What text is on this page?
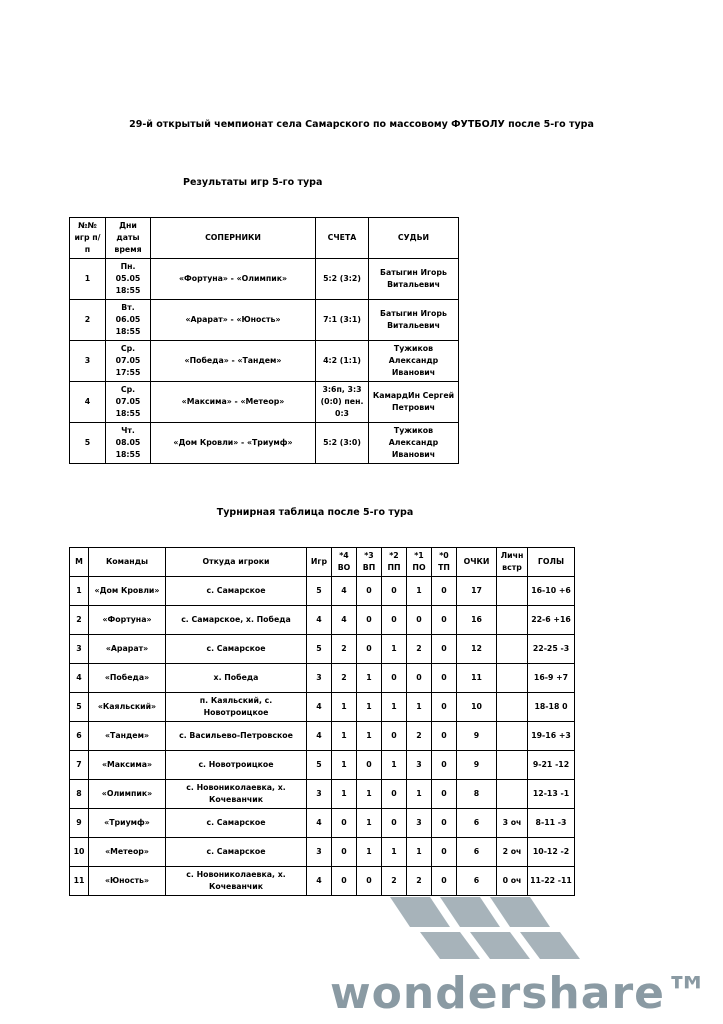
29-й открытый чемпионат села Самарского по массовому ФУТБОЛУ после 5-го тура
Результаты игр 5-го тура
№№ игр п/п	Дни даты время	СОПЕРНИКИ	СЧЕТА	СУДЬИ
1	Пн. 05.05 18:55	«Фортуна» - «Олимпик»	5:2 (3:2)	Батыгин Игорь Витальевич
2	Вт. 06.05 18:55	«Арарат» - «Юность»	7:1 (3:1)	Батыгин Игорь Витальевич
3	Ср. 07.05 17:55	«Победа» - «Тандем»	4:2 (1:1)	Тужиков Александр Иванович
4	Ср. 07.05 18:55	«Максима» - «Метеор»	3:6п, 3:3 (0:0) пен. 0:3	КамардИн Сергей Петрович
5	Чт. 08.05 18:55	«Дом Кровли» - «Триумф»	5:2 (3:0)	Тужиков Александр Иванович
Турнирная таблица после 5-го тура
М	Команды	Откуда игроки	Игр	*4 ВО	*3 ВП	*2 ПП	*1 ПО	*0 ТП	ОЧКИ	Личн встр	ГОЛЫ
1	«Дом Кровли»	с. Самарское	5	4	0	0	1	0	17		16-10 +6
2	«Фортуна»	с. Самарское, х. Победа	4	4	0	0	0	0	16		22-6 +16
3	«Арарат»	с. Самарское	5	2	0	1	2	0	12		22-25 -3
4	«Победа»	х. Победа	3	2	1	0	0	0	11		16-9 +7
5	«Каяльский»	п. Каяльский, с. Новотроицкое	4	1	1	1	1	0	10		18-18 0
6	«Тандем»	с. Васильево-Петровское	4	1	1	0	2	0	9		19-16 +3
7	«Максима»	с. Новотроицкое	5	1	0	1	3	0	9		9-21 -12
8	«Олимпик»	с. Новониколаевка, х. Кочеванчик	3	1	1	0	1	0	8		12-13 -1
9	«Триумф»	с. Самарское	4	0	1	0	3	0	6	3 оч	8-11 -3
10	«Метеор»	с. Самарское	3	0	1	1	1	0	6	2 оч	10-12 -2
11	«Юность»	с. Новониколаевка, х. Кочеванчик	4	0	0	2	2	0	6	0 оч	11-22 -11
wondershare™
